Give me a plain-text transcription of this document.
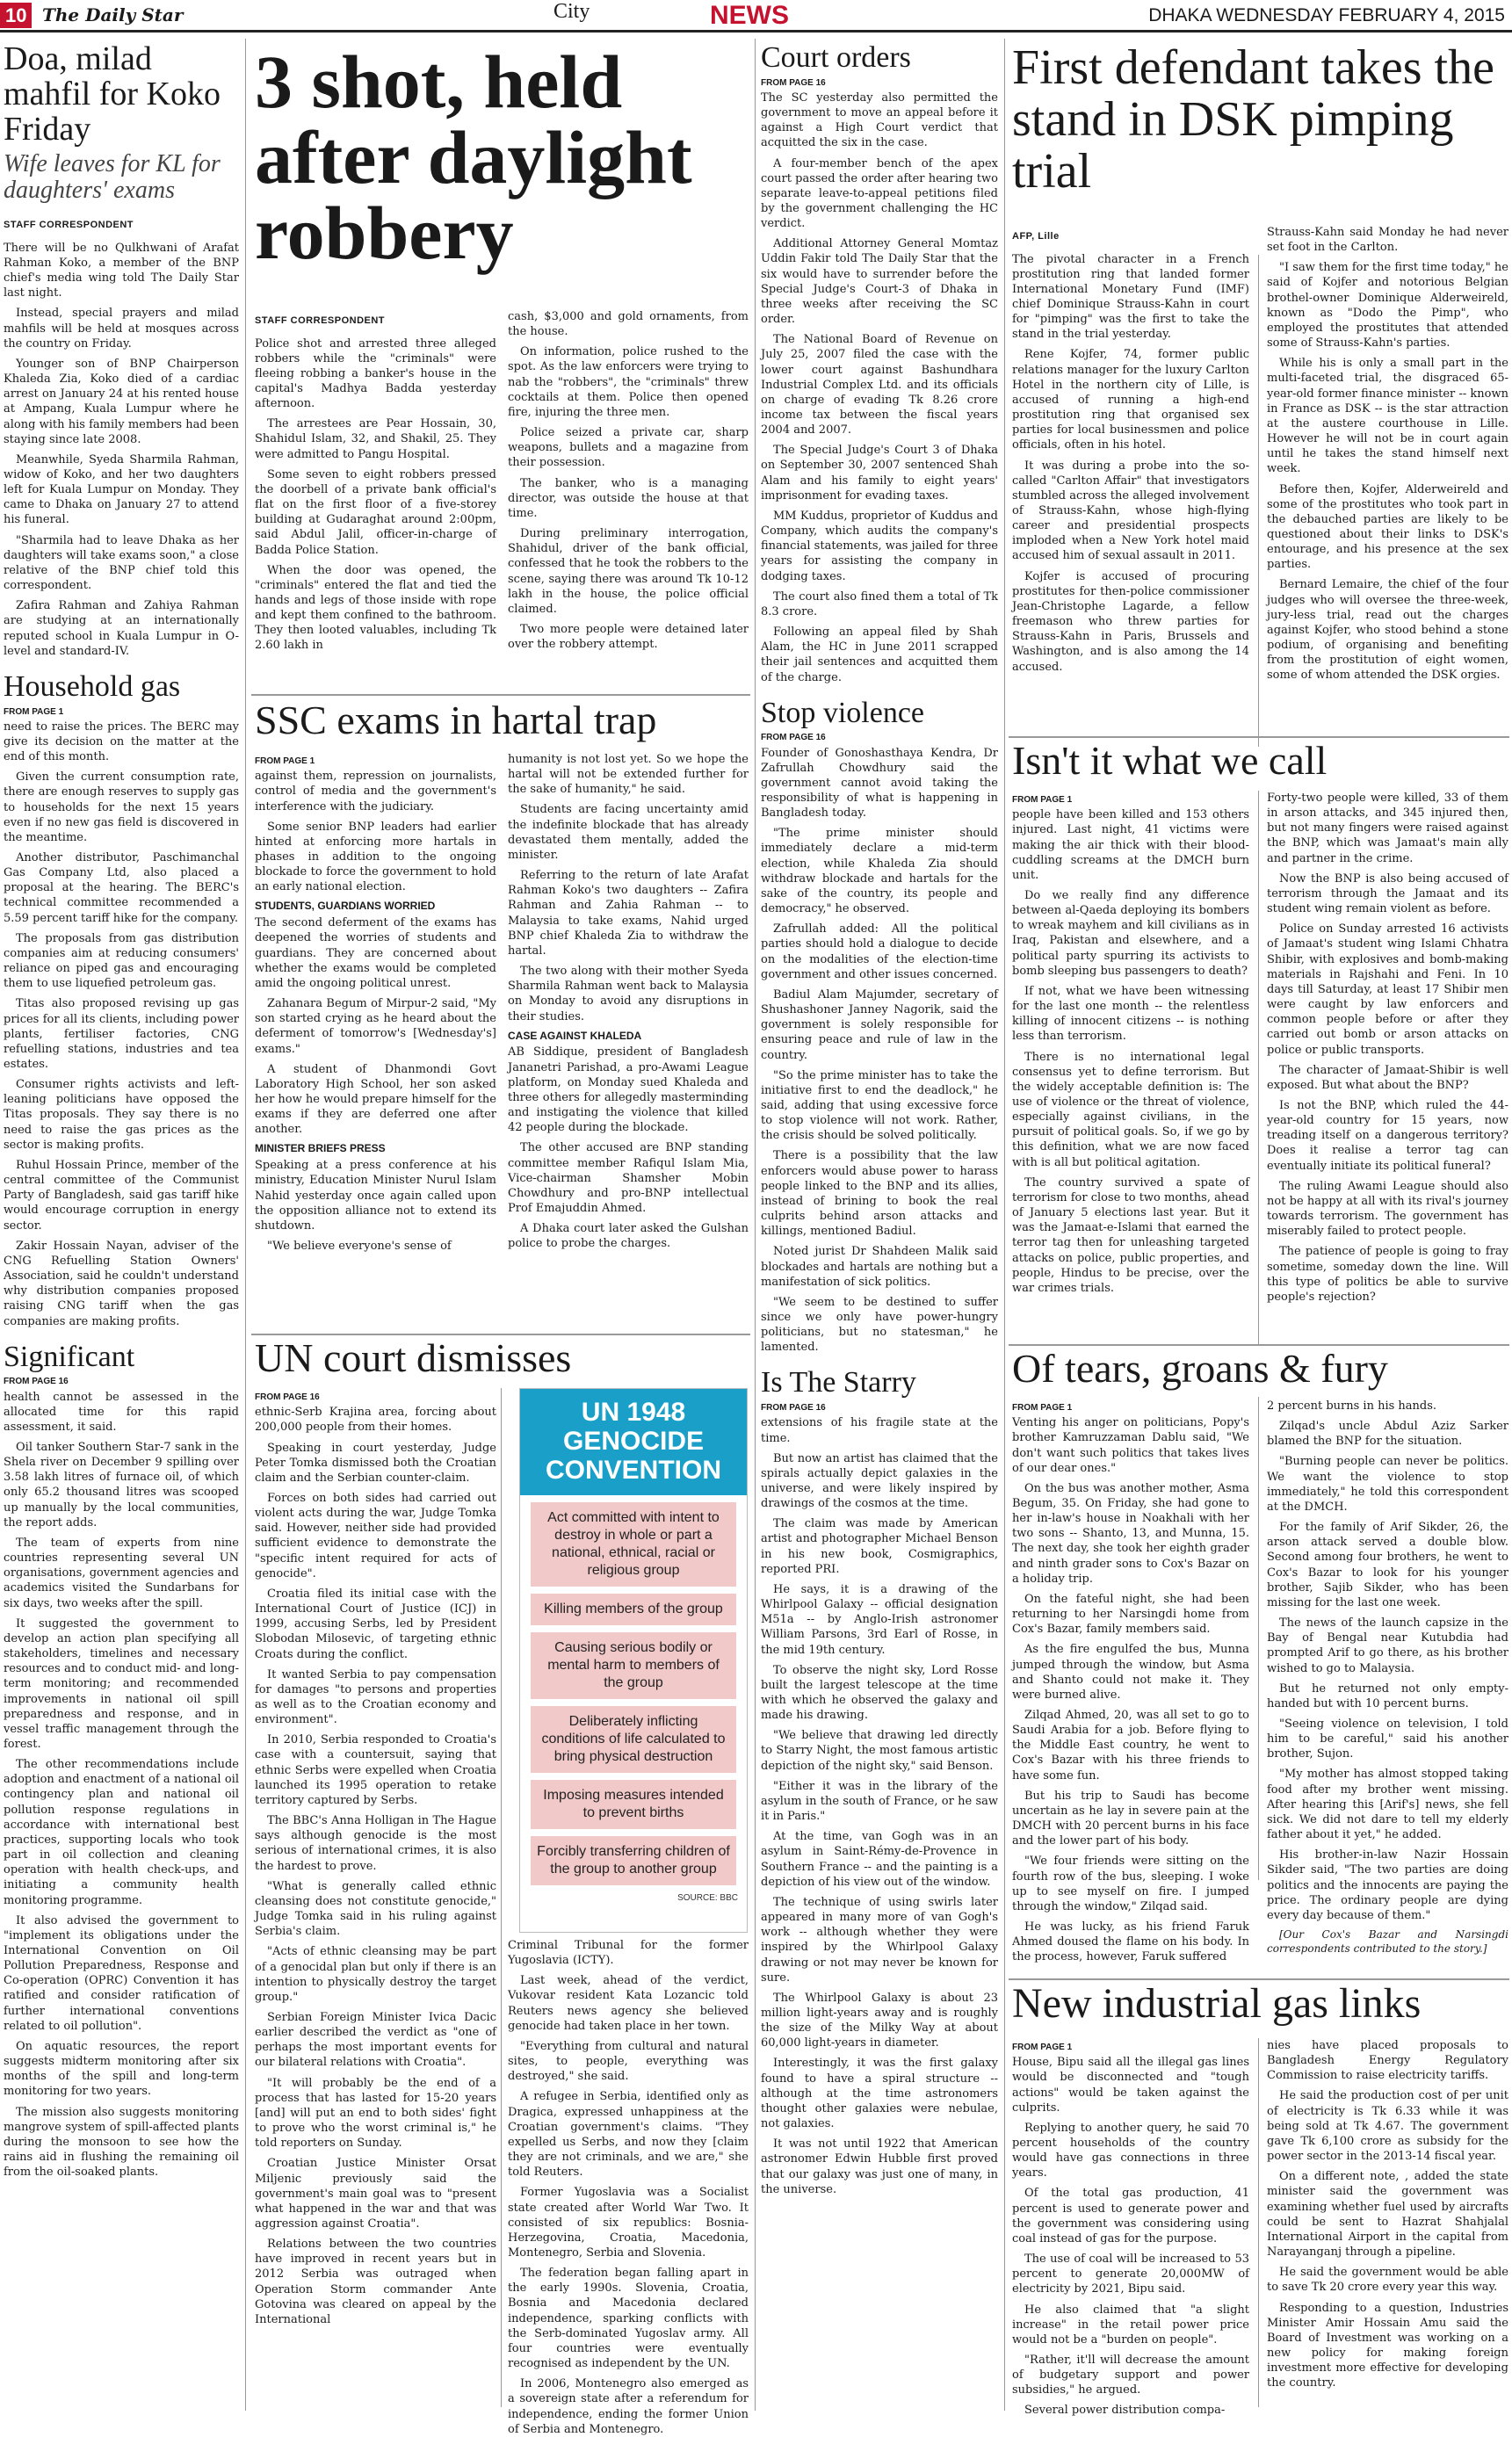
10 The Daily Star	City	NEWS	DHAKA WEDNESDAY FEBRUARY 4, 2015
Doa, milad mahfil for Koko Friday
Wife leaves for KL for daughters' exams
STAFF CORRESPONDENT

There will be no Qulkhwani of Arafat Rahman Koko, a member of the BNP chief's media wing told The Daily Star last night.

Instead, special prayers and milad mahfils will be held at mosques across the country on Friday.

Younger son of BNP Chairperson Khaleda Zia, Koko died of a cardiac arrest on January 24 at his rented house at Ampang, Kuala Lumpur where he along with his family members had been staying since late 2008.

Meanwhile, Syeda Sharmila Rahman, widow of Koko, and her two daughters left for Kuala Lumpur on Monday. They came to Dhaka on January 27 to attend his funeral.

"Sharmila had to leave Dhaka as her daughters will take exams soon," a close relative of the BNP chief told this correspondent.

Zafira Rahman and Zahiya Rahman are studying at an internationally reputed school in Kuala Lumpur in O-level and standard-IV.

Household gas
FROM PAGE 1

need to raise the prices. The BERC may give its decision on the matter at the end of this month.

Given the current consumption rate, there are enough reserves to supply gas to households for the next 15 years even if no new gas field is discovered in the meantime.

Another distributor, Paschimanchal Gas Company Ltd, also placed a proposal at the hearing. The BERC's technical committee recommended a 5.59 percent tariff hike for the company.

The proposals from gas distribution companies aim at reducing consumers' reliance on piped gas and encouraging them to use liquefied petroleum gas.

Titas also proposed revising up gas prices for all its clients, including power plants, fertiliser factories, CNG refuelling stations, industries and tea estates.

Consumer rights activists and left-leaning politicians have opposed the Titas proposals. They say there is no need to raise the gas prices as the sector is making profits.

Ruhul Hossain Prince, member of the central committee of the Communist Party of Bangladesh, said gas tariff hike would encourage corruption in energy sector.

Zakir Hossain Nayan, adviser of the CNG Refuelling Station Owners' Association, said he couldn't understand why distribution companies proposed raising CNG tariff when the gas companies are making profits.

Significant
FROM PAGE 16

health cannot be assessed in the allocated time for this rapid assessment, it said.

Oil tanker Southern Star-7 sank in the Shela river on December 9 spilling over 3.58 lakh litres of furnace oil, of which only 65.2 thousand litres was scooped up manually by the local communities, the report adds.

The team of experts from nine countries representing several UN organisations, government agencies and academics visited the Sundarbans for six days, two weeks after the spill.

It suggested the government to develop an action plan specifying all stakeholders, timelines and necessary resources and to conduct mid- and long-term monitoring; and recommended improvements in national oil spill preparedness and response, and in vessel traffic management through the forest.

The other recommendations include adoption and enactment of a national oil contingency plan and national oil pollution response regulations in accordance with international best practices, supporting locals who took part in oil collection and cleaning operation with health check-ups, and initiating a community health monitoring programme.

It also advised the government to "implement its obligations under the International Convention on Oil Pollution Preparedness, Response and Co-operation (OPRC) Convention it has ratified and consider ratification of further international conventions related to oil pollution".

On aquatic resources, the report suggests midterm monitoring after six months of the spill and long-term monitoring for two years.

The mission also suggests monitoring mangrove system of spill-affected plants during the monsoon to see how the rains aid in flushing the remaining oil from the oil-soaked plants.

3 shot, held after daylight robbery
STAFF CORRESPONDENT

Police shot and arrested three alleged robbers while the "criminals" were fleeing robbing a banker's house in the capital's Madhya Badda yesterday afternoon.

The arrestees are Pear Hossain, 30, Shahidul Islam, 32, and Shakil, 25. They were admitted to Pangu Hospital.

Some seven to eight robbers pressed the doorbell of a private bank official's flat on the first floor of a five-storey building at Gudaraghat around 2:00pm, said Abdul Jalil, officer-in-charge of Badda Police Station.

When the door was opened, the "criminals" entered the flat and tied the hands and legs of those inside with rope and kept them confined to the bathroom. They then looted valuables, including Tk 2.60 lakh in

cash, $3,000 and gold ornaments, from the house.

On information, police rushed to the spot. As the law enforcers were trying to nab the "robbers", the "criminals" threw cocktails at them. Police then opened fire, injuring the three men.

Police seized a private car, sharp weapons, bullets and a magazine from their possession.

The banker, who is a managing director, was outside the house at that time.

During preliminary interrogation, Shahidul, driver of the bank official, confessed that he took the robbers to the scene, saying there was around Tk 10-12 lakh in the house, the police official claimed.

Two more people were detained later over the robbery attempt.

SSC exams in hartal trap
FROM PAGE 1

against them, repression on journalists, control of media and the government's interference with the judiciary.

Some senior BNP leaders had earlier hinted at enforcing more hartals in phases in addition to the ongoing blockade to force the government to hold an early national election.

STUDENTS, GUARDIANS WORRIED

The second deferment of the exams has deepened the worries of students and guardians. They are concerned about whether the exams would be completed amid the ongoing political unrest.

Zahanara Begum of Mirpur-2 said, "My son started crying as he heard about the deferment of tomorrow's [Wednesday's] exams."

A student of Dhanmondi Govt Laboratory High School, her son asked her how he would prepare himself for the exams if they are deferred one after another.

MINISTER BRIEFS PRESS

Speaking at a press conference at his ministry, Education Minister Nurul Islam Nahid yesterday once again called upon the opposition alliance not to extend its shutdown.

"We believe everyone's sense of

humanity is not lost yet. So we hope the hartal will not be extended further for the sake of humanity," he said.

Students are facing uncertainty amid the indefinite blockade that has already devastated them mentally, added the minister.

Referring to the return of late Arafat Rahman Koko's two daughters -- Zafira Rahman and Zahia Rahman -- to Malaysia to take exams, Nahid urged BNP chief Khaleda Zia to withdraw the hartal.

The two along with their mother Syeda Sharmila Rahman went back to Malaysia on Monday to avoid any disruptions in their studies.

CASE AGAINST KHALEDA

AB Siddique, president of Bangladesh Jananetri Parishad, a pro-Awami League platform, on Monday sued Khaleda and three others for allegedly masterminding and instigating the violence that killed 42 people during the blockade.

The other accused are BNP standing committee member Rafiqul Islam Mia, Vice-chairman Shamsher Mobin Chowdhury and pro-BNP intellectual Prof Emajuddin Ahmed.

A Dhaka court later asked the Gulshan police to probe the charges.

UN court dismisses
FROM PAGE 16

ethnic-Serb Krajina area, forcing about 200,000 people from their homes.

Speaking in court yesterday, Judge Peter Tomka dismissed both the Croatian claim and the Serbian counter-claim.

Forces on both sides had carried out violent acts during the war, Judge Tomka said. However, neither side had provided sufficient evidence to demonstrate the "specific intent required for acts of genocide".

Croatia filed its initial case with the International Court of Justice (ICJ) in 1999, accusing Serbs, led by President Slobodan Milosevic, of targeting ethnic Croats during the conflict.

It wanted Serbia to pay compensation for damages "to persons and properties as well as to the Croatian economy and environment".

In 2010, Serbia responded to Croatia's case with a countersuit, saying that ethnic Serbs were expelled when Croatia launched its 1995 operation to retake territory captured by Serbs.

The BBC's Anna Holligan in The Hague says although genocide is the most serious of international crimes, it is also the hardest to prove.

"What is generally called ethnic cleansing does not constitute genocide," Judge Tomka said in his ruling against Serbia's claim.

"Acts of ethnic cleansing may be part of a genocidal plan but only if there is an intention to physically destroy the target group."

Serbian Foreign Minister Ivica Dacic earlier described the verdict as "one of perhaps the most important events for our bilateral relations with Croatia".

"It will probably be the end of a process that has lasted for 15-20 years [and] will put an end to both sides' fight to prove who the worst criminal is," he told reporters on Sunday.

Croatian Justice Minister Orsat Miljenic previously said the government's main goal was to "present what happened in the war and that was aggression against Croatia".

Relations between the two countries have improved in recent years but in 2012 Serbia was outraged when Operation Storm commander Ante Gotovina was cleared on appeal by the International

UN 1948 GENOCIDE CONVENTION
Act committed with intent to destroy in whole or part a national, ethnical, racial or religious group
Killing members of the group
Causing serious bodily or mental harm to members of the group
Deliberately inflicting conditions of life calculated to bring physical destruction
Imposing measures intended to prevent births
Forcibly transferring children of the group to another group
SOURCE: BBC

Criminal Tribunal for the former Yugoslavia (ICTY).

Last week, ahead of the verdict, Vukovar resident Kata Lozancic told Reuters news agency she believed genocide had taken place in her town.

"Everything from cultural and natural sites, to people, everything was destroyed," she said.

A refugee in Serbia, identified only as Dragica, expressed unhappiness at the Croatian government's claims. "They expelled us Serbs, and now they [claim they are not criminals, and we are," she told Reuters.

Former Yugoslavia was a Socialist state created after World War Two. It consisted of six republics: Bosnia-Herzegovina, Croatia, Macedonia, Montenegro, Serbia and Slovenia.

The federation began falling apart in the early 1990s. Slovenia, Croatia, Bosnia and Macedonia declared independence, sparking conflicts with the Serb-dominated Yugoslav army. All four countries were eventually recognised as independent by the UN.

In 2006, Montenegro also emerged as a sovereign state after a referendum for independence, ending the former Union of Serbia and Montenegro.

Court orders
FROM PAGE 16

The SC yesterday also permitted the government to move an appeal before it against a High Court verdict that acquitted the six in the case.

A four-member bench of the apex court passed the order after hearing two separate leave-to-appeal petitions filed by the government challenging the HC verdict.

Additional Attorney General Momtaz Uddin Fakir told The Daily Star that the six would have to surrender before the Special Judge's Court-3 of Dhaka in three weeks after receiving the SC order.

The National Board of Revenue on July 25, 2007 filed the case with the lower court against Bashundhara Industrial Complex Ltd. and its officials on charge of evading Tk 8.26 crore income tax between the fiscal years 2004 and 2007.

The Special Judge's Court 3 of Dhaka on September 30, 2007 sentenced Shah Alam and his family to eight years' imprisonment for evading taxes.

MM Kuddus, proprietor of Kuddus and Company, which audits the company's financial statements, was jailed for three years for assisting the company in dodging taxes.

The court also fined them a total of Tk 8.3 crore.

Following an appeal filed by Shah Alam, the HC in June 2011 scrapped their jail sentences and acquitted them of the charge.

Stop violence
FROM PAGE 16

Founder of Gonoshasthaya Kendra, Dr Zafrullah Chowdhury said the government cannot avoid taking the responsibility of what is happening in Bangladesh today.

"The prime minister should immediately declare a mid-term election, while Khaleda Zia should withdraw blockade and hartals for the sake of the country, its people and democracy," he observed.

Zafrullah added: All the political parties should hold a dialogue to decide on the modalities of the election-time government and other issues concerned.

Badiul Alam Majumder, secretary of Shushashoner Janney Nagorik, said the government is solely responsible for ensuring peace and rule of law in the country.

"So the prime minister has to take the initiative first to end the deadlock," he said, adding that using excessive force to stop violence will not work. Rather, the crisis should be solved politically.

There is a possibility that the law enforcers would abuse power to harass people linked to the BNP and its allies, instead of brining to book the real culprits behind arson attacks and killings, mentioned Badiul.

Noted jurist Dr Shahdeen Malik said blockades and hartals are nothing but a manifestation of sick politics.

"We seem to be destined to suffer since we only have power-hungry politicians, but no statesman," he lamented.

Is The Starry
FROM PAGE 16

extensions of his fragile state at the time.

But now an artist has claimed that the spirals actually depict galaxies in the universe, and were likely inspired by drawings of the cosmos at the time.

The claim was made by American artist and photographer Michael Benson in his new book, Cosmigraphics, reported PRI.

He says, it is a drawing of the Whirlpool Galaxy -- official designation M51a -- by Anglo-Irish astronomer William Parsons, 3rd Earl of Rosse, in the mid 19th century.

To observe the night sky, Lord Rosse built the largest telescope at the time with which he observed the galaxy and made his drawing.

"We believe that drawing led directly to Starry Night, the most famous artistic depiction of the night sky," said Benson.

"Either it was in the library of the asylum in the south of France, or he saw it in Paris."

At the time, van Gogh was in an asylum in Saint-Rémy-de-Provence in Southern France -- and the painting is a depiction of his view out of the window.

The technique of using swirls later appeared in many more of van Gogh's work -- although whether they were inspired by the Whirlpool Galaxy drawing or not may never be known for sure.

The Whirlpool Galaxy is about 23 million light-years away and is roughly the size of the Milky Way at about 60,000 light-years in diameter.

Interestingly, it was the first galaxy found to have a spiral structure -- although at the time astronomers thought other galaxies were nebulae, not galaxies.

It was not until 1922 that American astronomer Edwin Hubble first proved that our galaxy was just one of many, in the universe.

First defendant takes the stand in DSK pimping trial
AFP, Lille

The pivotal character in a French prostitution ring that landed former International Monetary Fund (IMF) chief Dominique Strauss-Kahn in court for "pimping" was the first to take the stand in the trial yesterday.

Rene Kojfer, 74, former public relations manager for the luxury Carlton Hotel in the northern city of Lille, is accused of running a high-end prostitution ring that organised sex parties for local businessmen and police officials, often in his hotel.

It was during a probe into the so-called "Carlton Affair" that investigators stumbled across the alleged involvement of Strauss-Kahn, whose high-flying career and presidential prospects imploded when a New York hotel maid accused him of sexual assault in 2011.

Kojfer is accused of procuring prostitutes for then-police commissioner Jean-Christophe Lagarde, a fellow freemason who threw parties for Strauss-Kahn in Paris, Brussels and Washington, and is also among the 14 accused.

Strauss-Kahn said Monday he had never set foot in the Carlton.

"I saw them for the first time today," he said of Kojfer and notorious Belgian brothel-owner Dominique Alderweireld, known as "Dodo the Pimp", who employed the prostitutes that attended some of Strauss-Kahn's parties.

While his is only a small part in the multi-faceted trial, the disgraced 65-year-old former finance minister -- known in France as DSK -- is the star attraction at the austere courthouse in Lille. However he will not be in court again until he takes the stand himself next week.

Before then, Kojfer, Alderweireld and some of the prostitutes who took part in the debauched parties are likely to be questioned about their links to DSK's entourage, and his presence at the sex parties.

Bernard Lemaire, the chief of the four judges who will oversee the three-week, jury-less trial, read out the charges against Kojfer, who stood behind a stone podium, of organising and benefiting from the prostitution of eight women, some of whom attended the DSK orgies.

Isn't it what we call
FROM PAGE 1

people have been killed and 153 others injured. Last night, 41 victims were making the air thick with their blood-cuddling screams at the DMCH burn unit.

Do we really find any difference between al-Qaeda deploying its bombers to wreak mayhem and kill civilians as in Iraq, Pakistan and elsewhere, and a political party spurring its activists to bomb sleeping bus passengers to death?

If not, what we have been witnessing for the last one month -- the relentless killing of innocent citizens -- is nothing less than terrorism.

There is no international legal consensus yet to define terrorism. But the widely acceptable definition is: The use of violence or the threat of violence, especially against civilians, in the pursuit of political goals. So, if we go by this definition, what we are now faced with is all but political agitation.

The country survived a spate of terrorism for close to two months, ahead of January 5 elections last year. But it was the Jamaat-e-Islami that earned the terror tag then for unleashing targeted attacks on police, public properties, and people, Hindus to be precise, over the war crimes trials.

Forty-two people were killed, 33 of them in arson attacks, and 345 injured then, but not many fingers were raised against the BNP, which was Jamaat's main ally and partner in the crime.

Now the BNP is also being accused of terrorism through the Jamaat and its student wing remain violent as before.

Police on Sunday arrested 16 activists of Jamaat's student wing Islami Chhatra Shibir, with explosives and bomb-making materials in Rajshahi and Feni. In 10 days till Saturday, at least 17 Shibir men were caught by law enforcers and common people before or after they carried out bomb or arson attacks on police or public transports.

The character of Jamaat-Shibir is well exposed. But what about the BNP?

Is not the BNP, which ruled the 44-year-old country for 15 years, now treading itself on a dangerous territory? Does it realise a terror tag can eventually initiate its political funeral?

The ruling Awami League should also not be happy at all with its rival's journey towards terrorism. The government has miserably failed to protect people.

The patience of people is going to fray sometime, someday down the line. Will this type of politics be able to survive people's rejection?

Of tears, groans & fury
FROM PAGE 1

Venting his anger on politicians, Popy's brother Kamruzzaman Dablu said, "We don't want such politics that takes lives of our dear ones."

On the bus was another mother, Asma Begum, 35. On Friday, she had gone to her in-law's house in Noakhali with her two sons -- Shanto, 13, and Munna, 15. The next day, she took her eighth grader and ninth grader sons to Cox's Bazar on a holiday trip.

On the fateful night, she had been returning to her Narsingdi home from Cox's Bazar, family members said.

As the fire engulfed the bus, Munna jumped through the window, but Asma and Shanto could not make it. They were burned alive.

Zilqad Ahmed, 20, was all set to go to Saudi Arabia for a job. Before flying to the Middle East country, he went to Cox's Bazar with his three friends to have some fun.

But his trip to Saudi has become uncertain as he lay in severe pain at the DMCH with 20 percent burns in his face and the lower part of his body.

"We four friends were sitting on the fourth row of the bus, sleeping. I woke up to see myself on fire. I jumped through the window," Zilqad said.

He was lucky, as his friend Faruk Ahmed doused the flame on his body. In the process, however, Faruk suffered

2 percent burns in his hands.

Zilqad's uncle Abdul Aziz Sarker blamed the BNP for the situation.

"Burning people can never be politics. We want the violence to stop immediately," he told this correspondent at the DMCH.

For the family of Arif Sikder, 26, the arson attack served a double blow. Second among four brothers, he went to Cox's Bazar to look for his younger brother, Sajib Sikder, who has been missing for the last one week.

The news of the launch capsize in the Bay of Bengal near Kutubdia had prompted Arif to go there, as his brother wished to go to Malaysia.

But he returned not only empty-handed but with 10 percent burns.

"Seeing violence on television, I told him to be careful," said his another brother, Sujon.

"My mother has almost stopped taking food after my brother went missing. After hearing this [Arif's] news, she fell sick. We did not dare to tell my elderly father about it yet," he added.

His brother-in-law Nazir Hossain Sikder said, "The two parties are doing politics and the innocents are paying the price. The ordinary people are dying every day because of them."

[Our Cox's Bazar and Narsingdi correspondents contributed to the story.]

New industrial gas links
FROM PAGE 1

House, Bipu said all the illegal gas lines would be disconnected and "tough actions" would be taken against the culprits.

Replying to another query, he said 70 percent households of the country would have gas connections in three years.

Of the total gas production, 41 percent is used to generate power and the government was considering using coal instead of gas for the purpose.

The use of coal will be increased to 53 percent to generate 20,000MW of electricity by 2021, Bipu said.

He also claimed that "a slight increase" in the retail power price would not be a "burden on people".

"Rather, it'll will decrease the amount of budgetary support and power subsidies," he argued.

Several power distribution compa-

nies have placed proposals to Bangladesh Energy Regulatory Commission to raise electricity tariffs.

He said the production cost of per unit of electricity is Tk 6.33 while it was being sold at Tk 4.67. The government gave Tk 6,100 crore as subsidy for the power sector in the 2013-14 fiscal year.

On a different note, , added the state minister said the government was examining whether fuel used by aircrafts could be sent to Hazrat Shahjalal International Airport in the capital from Narayanganj through a pipeline.

He said the government would be able to save Tk 20 crore every year this way.

Responding to a question, Industries Minister Amir Hossain Amu said the Board of Investment was working on a new policy for making foreign investment more effective for developing the country.
